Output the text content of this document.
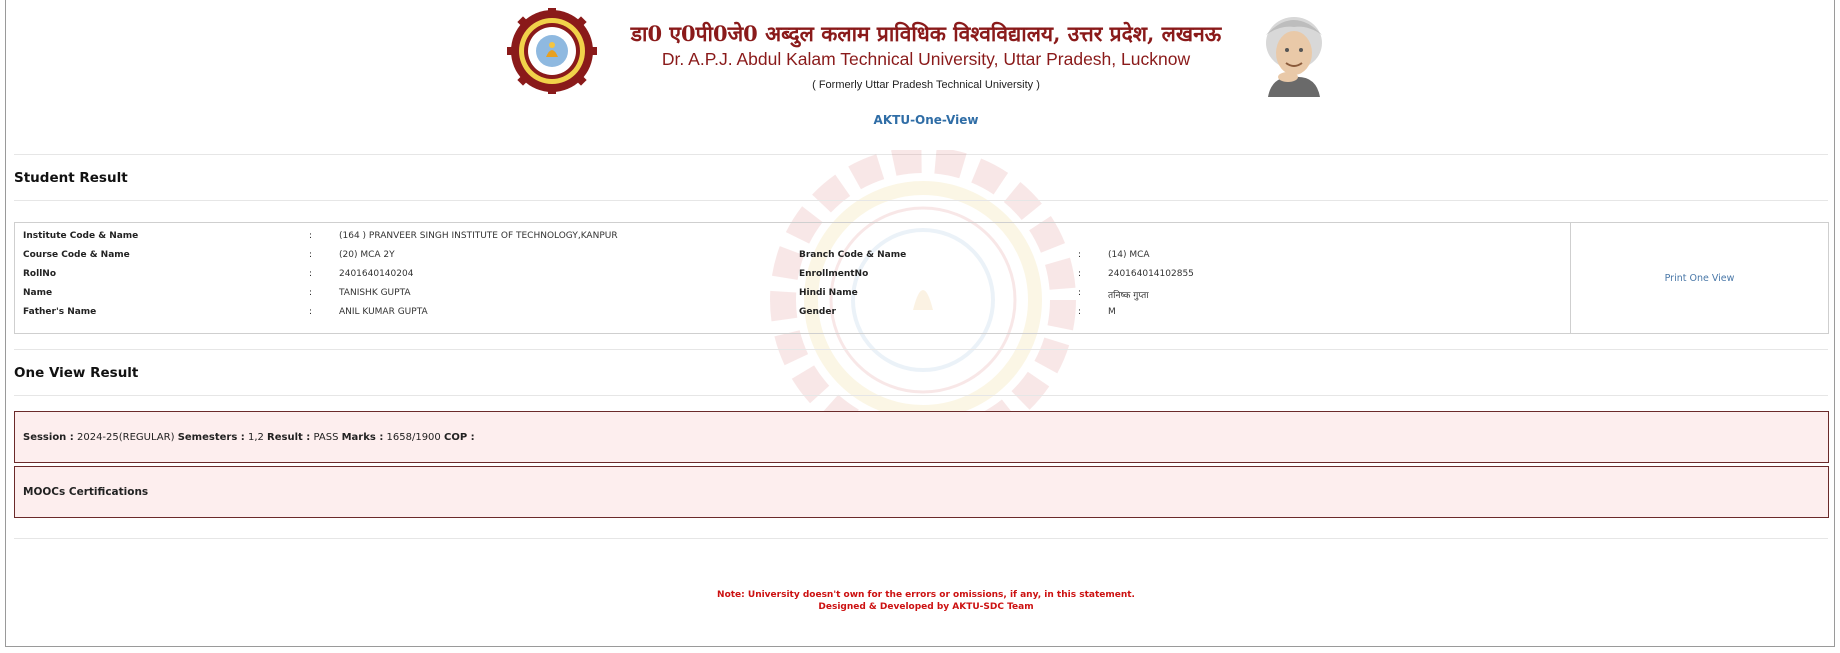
डा0 ए0पी0जे0 अब्दुल कलाम प्राविधिक विश्वविद्यालय, उत्तर प्रदेश, लखनऊ
Dr. A.P.J. Abdul Kalam Technical University, Uttar Pradesh, Lucknow
( Formerly Uttar Pradesh Technical University )
AKTU-One-View
Student Result
Institute Code & Name	:	(164 ) PRANVEER SINGH INSTITUTE OF TECHNOLOGY,KANPUR
Course Code & Name	:	(20) MCA 2Y	Branch Code & Name	:	(14) MCA
RollNo	:	2401640140204	EnrollmentNo	:	240164014102855
Name	:	TANISHK GUPTA	Hindi Name	:	तनिष्क गुप्ता
Father's Name	:	ANIL KUMAR GUPTA	Gender	:	M
Print One View
One View Result
Session : 2024-25(REGULAR) Semesters : 1,2 Result : PASS Marks : 1658/1900 COP :
MOOCs Certifications
Note: University doesn't own for the errors or omissions, if any, in this statement.
Designed & Developed by AKTU-SDC Team
